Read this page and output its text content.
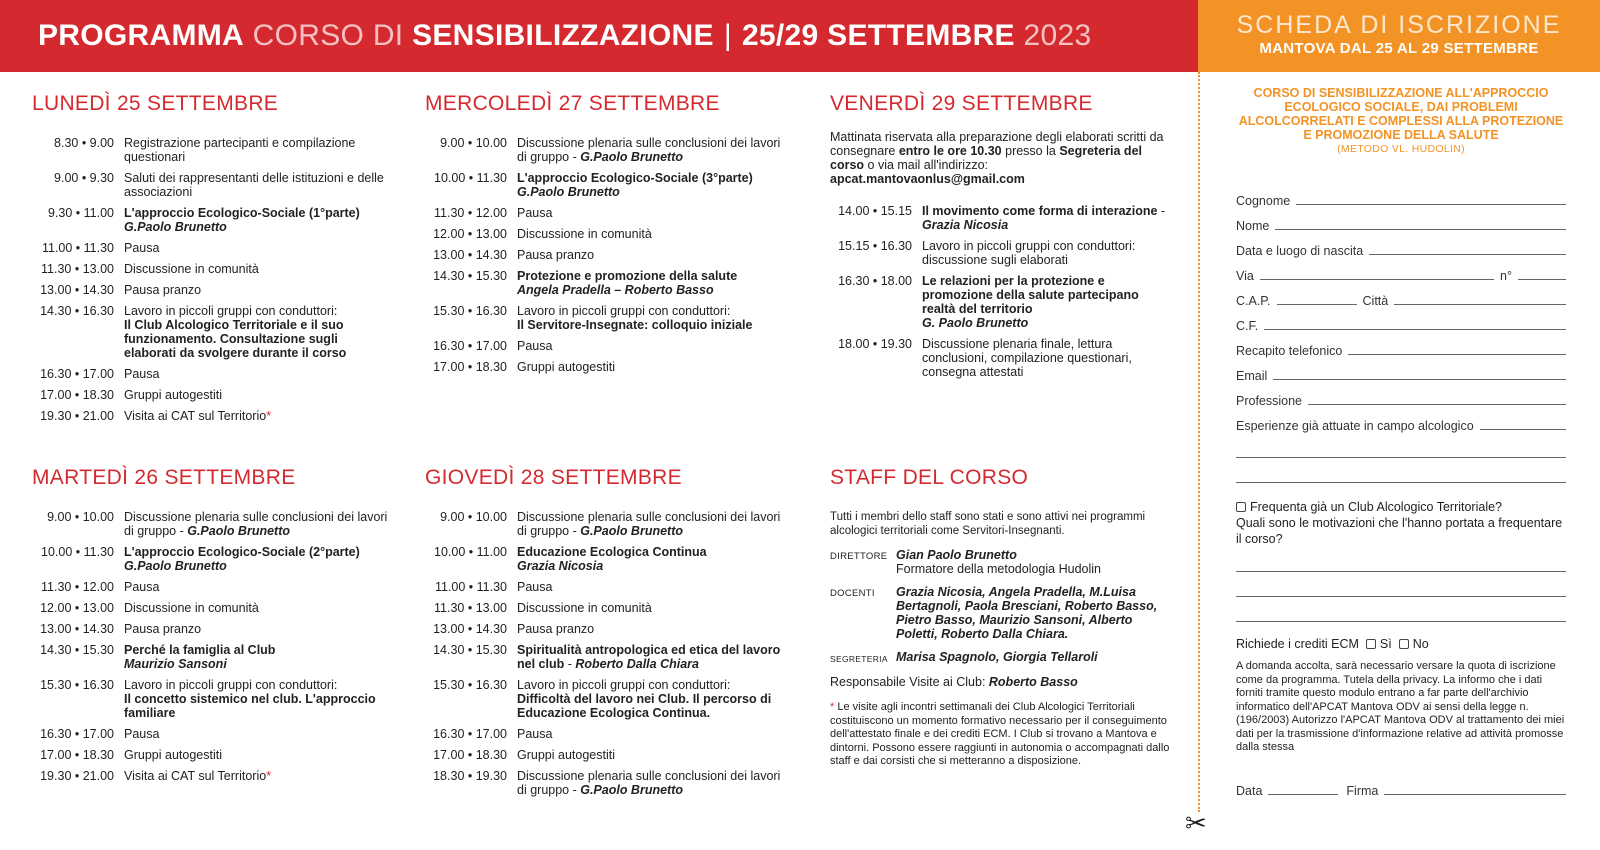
PROGRAMMA
CORSO DI
SENSIBILIZZAZIONE | 25/29 SETTEMBRE
2023	SCHEDA DI ISCRIZIONE
MANTOVA DAL 25 AL 29 SETTEMBRE
LUNEDÌ 25 SETTEMBRE
8.30 • 9.00 Registrazione partecipanti e compilazione questionari
9.00 • 9.30 Saluti dei rappresentanti delle istituzioni e delle associazioni
9.30 • 11.00 L'approccio Ecologico-Sociale (1°parte)
G.Paolo Brunetto
11.00 • 11.30 Pausa
11.30 • 13.00 Discussione in comunità
13.00 • 14.30 Pausa pranzo
14.30 • 16.30 Lavoro in piccoli gruppi con conduttori:
Il Club Alcologico Territoriale e il suo funzionamento. Consultazione sugli elaborati da svolgere durante il corso
16.30 • 17.00 Pausa
17.00 • 18.30 Gruppi autogestiti
19.30 • 21.00 Visita ai CAT sul Territorio*
MARTEDÌ 26 SETTEMBRE
9.00 • 10.00 Discussione plenaria sulle conclusioni dei lavori di gruppo - G.Paolo Brunetto
10.00 • 11.30 L'approccio Ecologico-Sociale (2°parte)
G.Paolo Brunetto
11.30 • 12.00 Pausa
12.00 • 13.00 Discussione in comunità
13.00 • 14.30 Pausa pranzo
14.30 • 15.30 Perché la famiglia al Club
Maurizio Sansoni
15.30 • 16.30 Lavoro in piccoli gruppi con conduttori:
Il concetto sistemico nel club. L'approccio familiare
16.30 • 17.00 Pausa
17.00 • 18.30 Gruppi autogestiti
19.30 • 21.00 Visita ai CAT sul Territorio*
MERCOLEDÌ 27 SETTEMBRE
9.00 • 10.00 Discussione plenaria sulle conclusioni dei lavori di gruppo - G.Paolo Brunetto
10.00 • 11.30 L'approccio Ecologico-Sociale (3°parte)
G.Paolo Brunetto
11.30 • 12.00 Pausa
12.00 • 13.00 Discussione in comunità
13.00 • 14.30 Pausa pranzo
14.30 • 15.30 Protezione e promozione della salute
Angela Pradella – Roberto Basso
15.30 • 16.30 Lavoro in piccoli gruppi con conduttori:
Il Servitore-Insegnate: colloquio iniziale
16.30 • 17.00 Pausa
17.00 • 18.30 Gruppi autogestiti
GIOVEDÌ 28 SETTEMBRE
9.00 • 10.00 Discussione plenaria sulle conclusioni dei lavori di gruppo - G.Paolo Brunetto
10.00 • 11.00 Educazione Ecologica Continua
Grazia Nicosia
11.00 • 11.30 Pausa
11.30 • 13.00 Discussione in comunità
13.00 • 14.30 Pausa pranzo
14.30 • 15.30 Spiritualità antropologica ed etica del lavoro nel club - Roberto Dalla Chiara
15.30 • 16.30 Lavoro in piccoli gruppi con conduttori:
Difficoltà del lavoro nei Club. Il percorso di Educazione Ecologica Continua.
16.30 • 17.00 Pausa
17.00 • 18.30 Gruppi autogestiti
18.30 • 19.30 Discussione plenaria sulle conclusioni dei lavori di gruppo - G.Paolo Brunetto
VENERDÌ 29 SETTEMBRE
Mattinata riservata alla preparazione degli elaborati scritti da consegnare entro le ore 10.30 presso la Segreteria del corso o via mail all'indirizzo: apcat.mantovaonlus@gmail.com
14.00 • 15.15 Il movimento come forma di interazione - Grazia Nicosia
15.15 • 16.30 Lavoro in piccoli gruppi con conduttori: discussione sugli elaborati
16.30 • 18.00 Le relazioni per la protezione e promozione della salute partecipano realtà del territorio
G. Paolo Brunetto
18.00 • 19.30 Discussione plenaria finale, lettura conclusioni, compilazione questionari, consegna attestati
STAFF DEL CORSO
Tutti i membri dello staff sono stati e sono attivi nei programmi alcologici territoriali come Servitori-Insegnanti.
DIRETTORE Gian Paolo Brunetto
Formatore della metodologia Hudolin
DOCENTI	Grazia Nicosia, Angela Pradella, M.Luisa Bertagnoli, Paola Bresciani, Roberto Basso, Pietro Basso, Maurizio Sansoni, Alberto Poletti, Roberto Dalla Chiara.
SEGRETERIA Marisa Spagnolo, Giorgia Tellaroli
Responsabile Visite ai Club: Roberto Basso
* Le visite agli incontri settimanali dei Club Alcologici Territoriali costituiscono un momento formativo necessario per il conseguimento dell'attestato finale e dei crediti ECM. I Club si trovano a Mantova e dintorni. Possono essere raggiunti in autonomia o accompagnati dallo staff e dai corsisti che si metteranno a disposizione.
✂
CORSO DI SENSIBILIZZAZIONE ALL'APPROCCIO ECOLOGICO SOCIALE, DAI PROBLEMI ALCOLCORRELATI E COMPLESSI ALLA PROTEZIONE E PROMOZIONE DELLA SALUTE
(METODO VL. HUDOLIN)
Cognome
Nome
Data e luogo di nascita
Via	n°
C.A.P.	Città
C.F.
Recapito telefonico
Email
Professione
Esperienze già attuate in campo alcologico
Frequenta già un Club Alcologico Territoriale?
Quali sono le motivazioni che l'hanno portata a frequentare il corso?
Richiede i crediti ECM Sì No
A domanda accolta, sarà necessario versare la quota di iscrizione come da programma. Tutela della privacy. La informo che i dati forniti tramite questo modulo entrano a far parte dell'archivio informatico dell'APCAT Mantova ODV ai sensi della legge n. (196/2003) Autorizzo l'APCAT Mantova ODV al trattamento dei miei dati per la trasmissione d'informazione relative ad attività promosse dalla stessa
Data	Firma
